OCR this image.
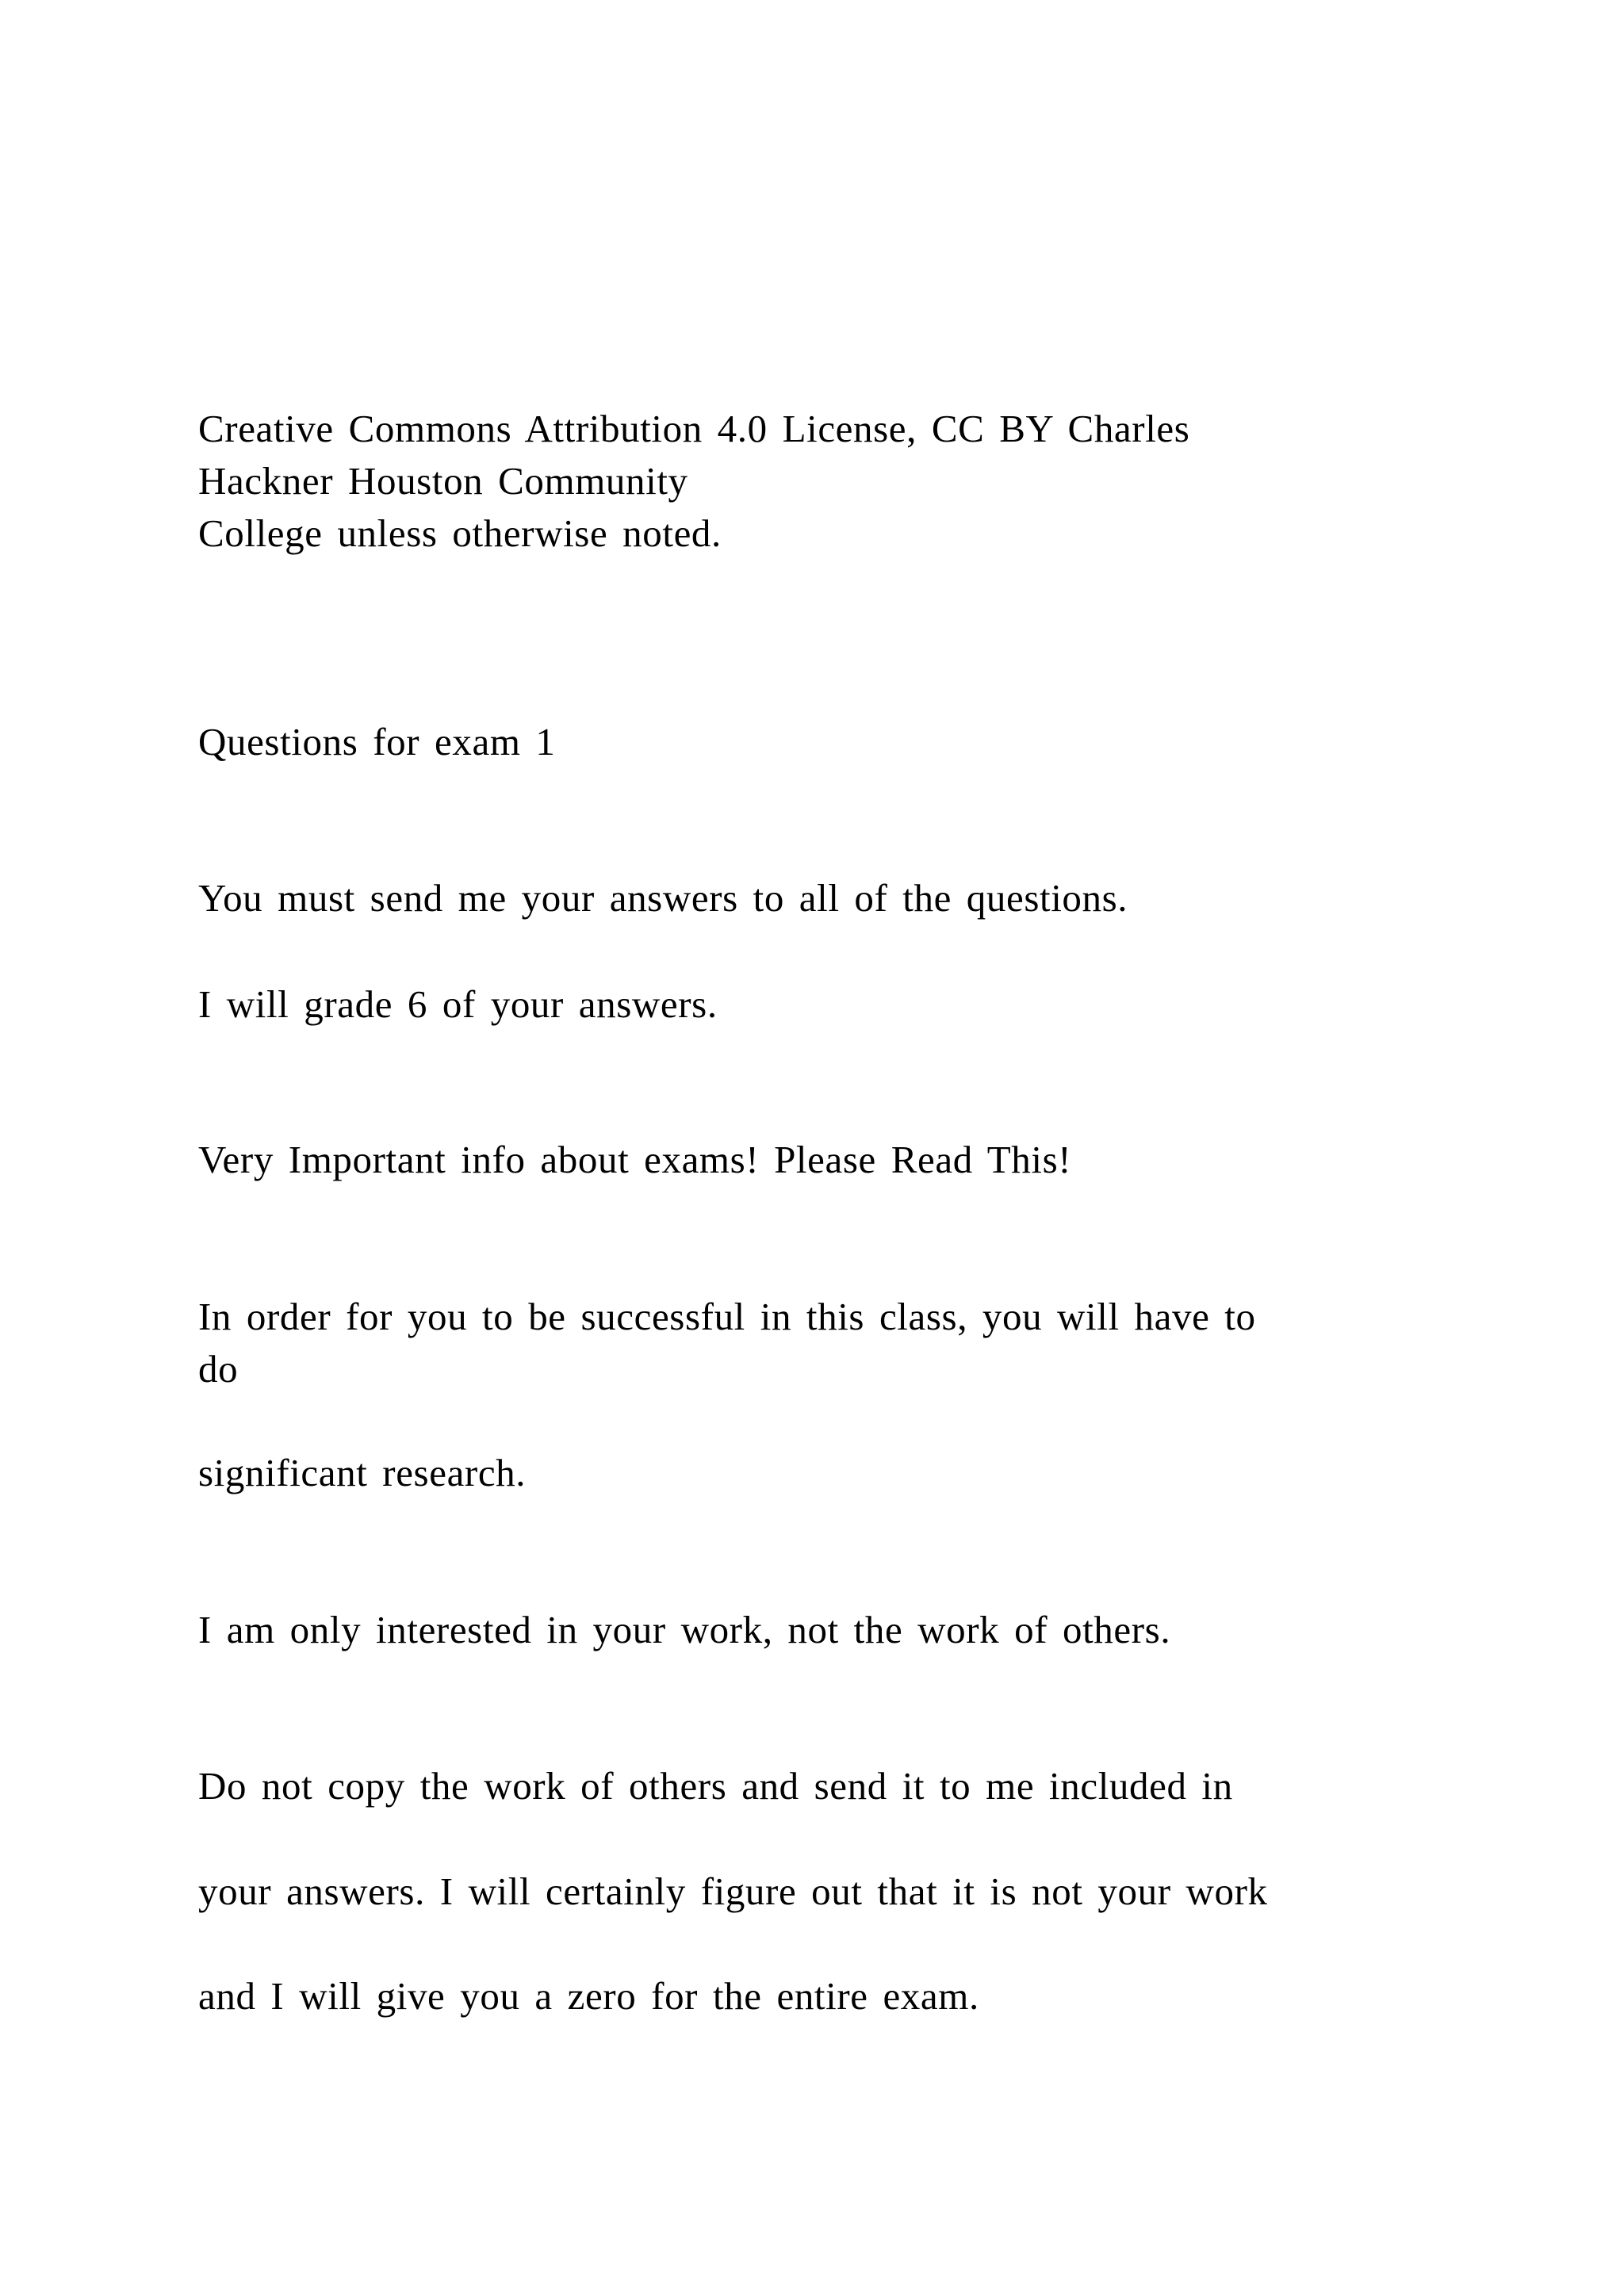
Creative Commons Attribution 4.0 License, CC BY Charles

Hackner Houston Community

College unless otherwise noted.

Questions for exam 1

You must send me your answers to all of the questions.

I will grade 6 of your answers.

Very Important info about exams! Please Read This!

In order for you to be successful in this class, you will have to

do

significant research.

I am only interested in your work, not the work of others.

Do not copy the work of others and send it to me included in

your answers. I will certainly figure out that it is not your work

and I will give you a zero for the entire exam.
